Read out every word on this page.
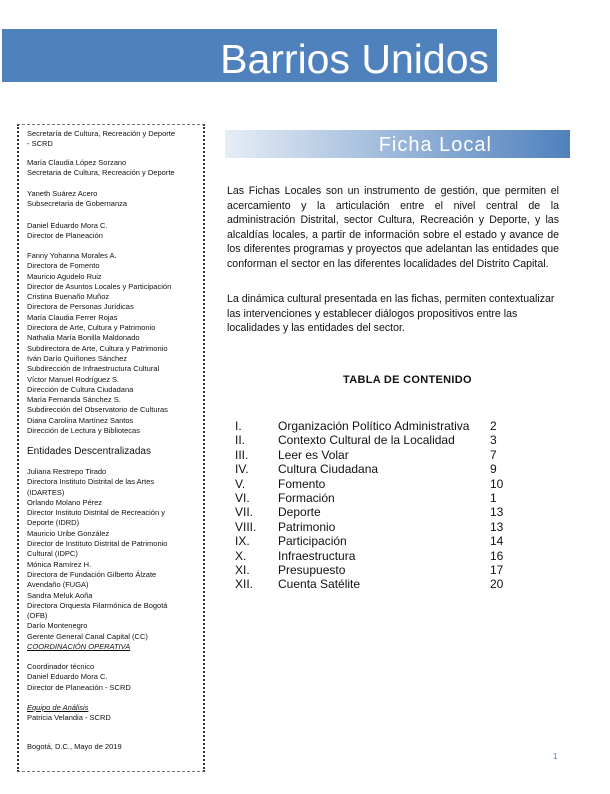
Barrios Unidos
Secretaría de Cultura, Recreación y Deporte
- SCRD
María Claudia López Sorzano
Secretaria de Cultura, Recreación y Deporte
Yaneth Suárez Acero
Subsecretaria de Gobernanza
Daniel Eduardo Mora C.
Director de Planeación
Fanny Yohanna Morales A.
Directora de Fomento
Mauricio Agudelo Ruiz
Director de Asuntos Locales y Participación
Cristina Buenaño Muñoz
Directora de Personas Jurídicas
María Claudia Ferrer Rojas
Directora de Arte, Cultura y Patrimonio
Nathalia María Bonilla Maldonado
Subdirectora de Arte, Cultura y Patrimonio
Iván Darío Quiñones Sánchez
Subdirección de Infraestructura Cultural
Víctor Manuel Rodríguez S.
Dirección de Cultura Ciudadana
María Fernanda Sánchez S.
Subdirección del Observatorio de Culturas
Diana Carolina Martínez Santos
Dirección de Lectura y Bibliotecas
Entidades Descentralizadas
Juliana Restrepo Tirado
Directora Instituto Distrital de las Artes
(IDARTES)
Orlando Molano Pérez
Director Instituto Distrital de Recreación y
Deporte (IDRD)
Mauricio Uribe González
Director de Instituto Distrital de Patrimonio
Cultural (IDPC)
Mónica Ramírez H.
Directora de Fundación Gilberto Álzate
Avendaño (FUGA)
Sandra Meluk Aoña
Directora Orquesta Filarmónica de Bogotá
(OFB)
Darío Montenegro
Gerente General Canal Capital (CC)
COORDINACIÓN OPERATIVA
Coordinador técnico
Daniel Eduardo Mora C.
Director de Planeación - SCRD
Equipo de Análisis
Patricia Velandia - SCRD
Bogotá, D.C., Mayo de 2019
Ficha Local
Las Fichas Locales son un instrumento de gestión, que permiten el acercamiento y la articulación entre el nivel central de la administración Distrital, sector Cultura, Recreación y Deporte, y las alcaldías locales, a partir de información sobre el estado y avance de los diferentes programas y proyectos que adelantan las entidades que conforman el sector en las diferentes localidades del Distrito Capital.
La dinámica cultural presentada en las fichas, permiten contextualizar las intervenciones y establecer diálogos propositivos entre las localidades y las entidades del sector.
TABLA DE CONTENIDO
I.	Organización Político Administrativa	2
II.	Contexto Cultural de la Localidad	3
III.	Leer es Volar	7
IV.	Cultura Ciudadana	9
V.	Fomento	10
VI.	Formación	1
VII.	Deporte	13
VIII.	Patrimonio	13
IX.	Participación	14
X.	Infraestructura	16
XI.	Presupuesto	17
XII.	Cuenta Satélite	20
1
